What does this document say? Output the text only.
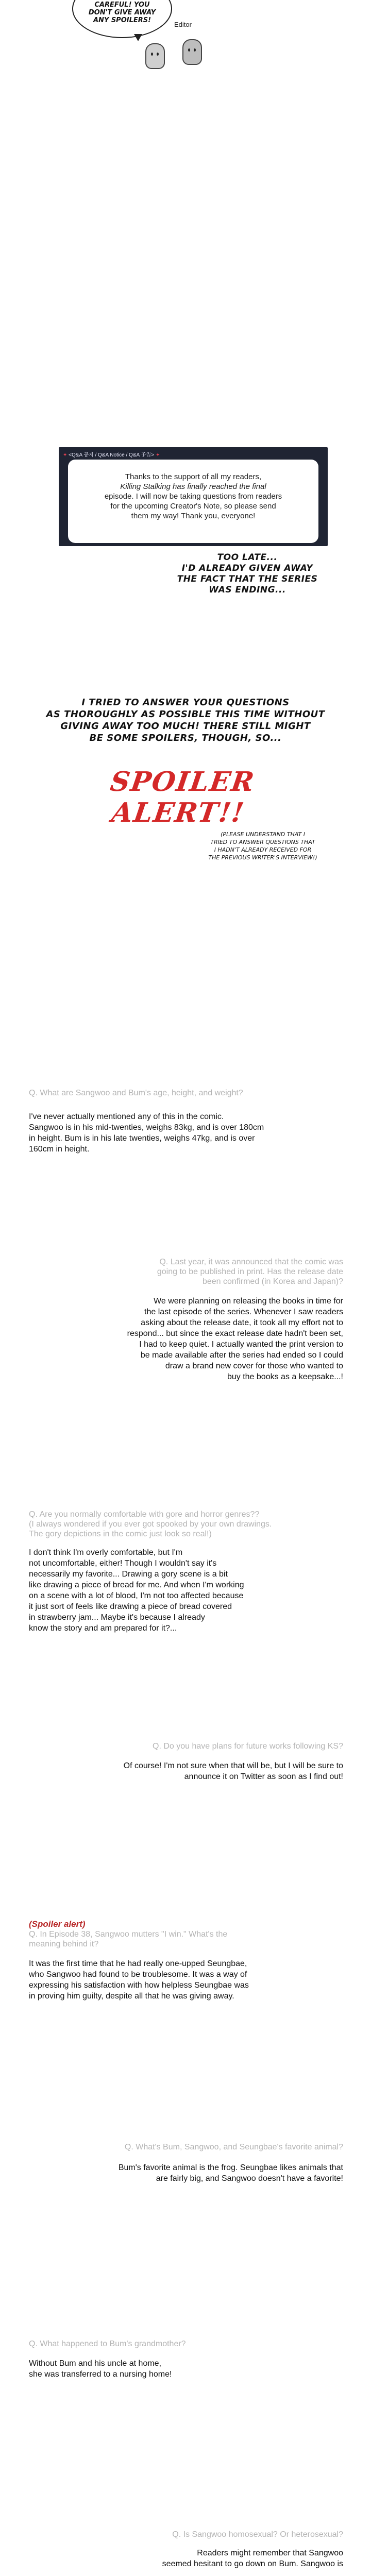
CAREFUL! YOU
DON'T GIVE AWAY
ANY SPOILERS!
Editor
✦ <Q&A 공지 / Q&A Notice / Q&A 予告> ✦
Thanks to the support of all my readers,
Killing Stalking has finally reached the final
episode. I will now be taking questions from readers
for the upcoming Creator's Note, so please send
them my way! Thank you, everyone!
TOO LATE...
I'D ALREADY GIVEN AWAY
THE FACT THAT THE SERIES
WAS ENDING...
I TRIED TO ANSWER YOUR QUESTIONS
AS THOROUGHLY AS POSSIBLE THIS TIME WITHOUT
GIVING AWAY TOO MUCH! THERE STILL MIGHT
BE SOME SPOILERS, THOUGH, SO...
SPOILER ALERT!!
(PLEASE UNDERSTAND THAT I
TRIED TO ANSWER QUESTIONS THAT
I HADN'T ALREADY RECEIVED FOR
THE PREVIOUS WRITER'S INTERVIEW!)
Q. What are Sangwoo and Bum's age, height, and weight?
I've never actually mentioned any of this in the comic.
Sangwoo is in his mid-twenties, weighs 83kg, and is over 180cm
in height. Bum is in his late twenties, weighs 47kg, and is over
160cm in height.
Q. Last year, it was announced that the comic was
going to be published in print. Has the release date
been confirmed (in Korea and Japan)?
We were planning on releasing the books in time for
the last episode of the series. Whenever I saw readers
asking about the release date, it took all my effort not to
respond... but since the exact release date hadn't been set,
I had to keep quiet. I actually wanted the print version to
be made available after the series had ended so I could
draw a brand new cover for those who wanted to
buy the books as a keepsake...!
Q. Are you normally comfortable with gore and horror genres??
(I always wondered if you ever got spooked by your own drawings.
The gory depictions in the comic just look so real!)
I don't think I'm overly comfortable, but I'm
not uncomfortable, either! Though I wouldn't say it's
necessarily my favorite... Drawing a gory scene is a bit
like drawing a piece of bread for me. And when I'm working
on a scene with a lot of blood, I'm not too affected because
it just sort of feels like drawing a piece of bread covered
in strawberry jam... Maybe it's because I already
know the story and am prepared for it?...
Q. Do you have plans for future works following KS?
Of course! I'm not sure when that will be, but I will be sure to
announce it on Twitter as soon as I find out!
(Spoiler alert)
Q. In Episode 38, Sangwoo mutters "I win." What's the
meaning behind it?
It was the first time that he had really one-upped Seungbae,
who Sangwoo had found to be troublesome. It was a way of
expressing his satisfaction with how helpless Seungbae was
in proving him guilty, despite all that he was giving away.
Q. What's Bum, Sangwoo, and Seungbae's favorite animal?
Bum's favorite animal is the frog. Seungbae likes animals that
are fairly big, and Sangwoo doesn't have a favorite!
Q. What happened to Bum's grandmother?
Without Bum and his uncle at home,
she was transferred to a nursing home!
Q. Is Sangwoo homosexual? Or heterosexual?
Readers might remember that Sangwoo
seemed hesitant to go down on Bum. Sangwoo is
